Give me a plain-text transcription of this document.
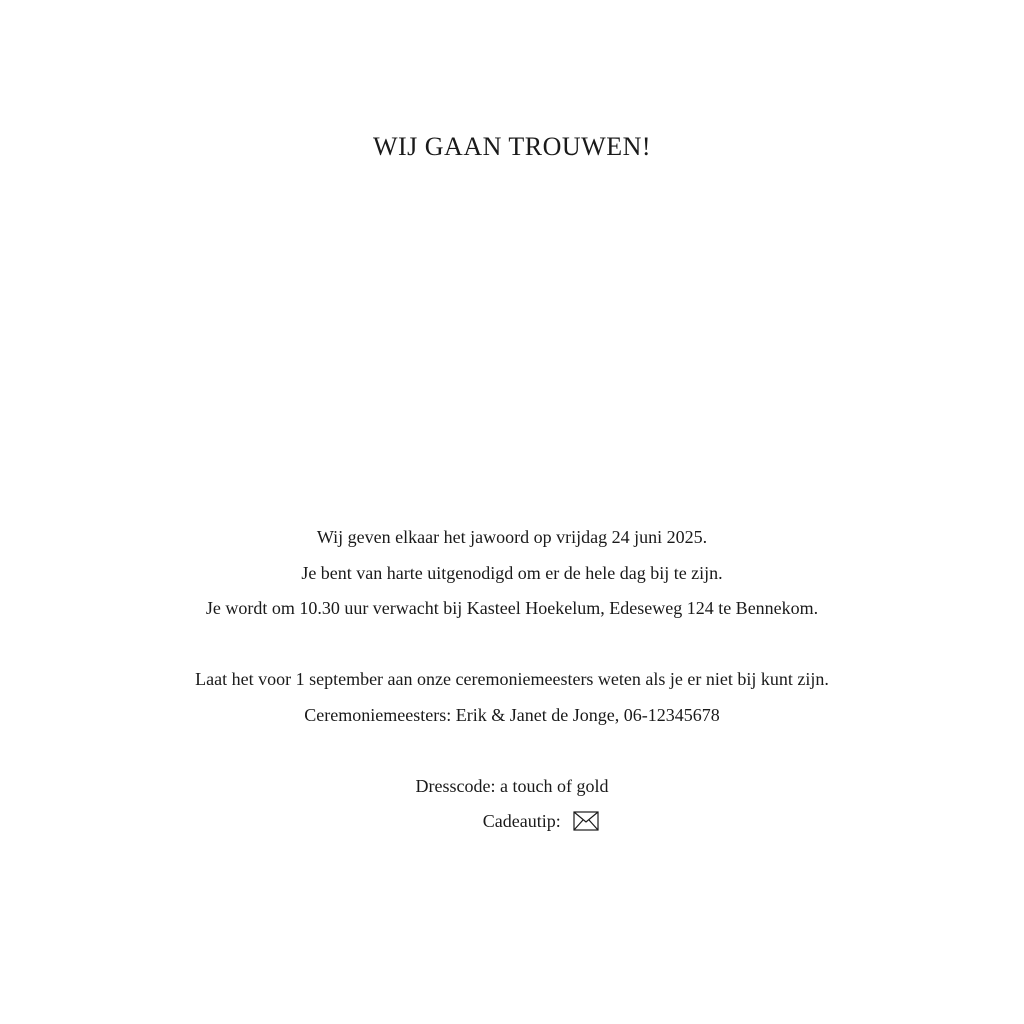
WIJ GAAN TROUWEN!
Wij geven elkaar het jawoord op vrijdag 24 juni 2025.
Je bent van harte uitgenodigd om er de hele dag bij te zijn.
Je wordt om 10.30 uur verwacht bij Kasteel Hoekelum, Edeseweg 124 te Bennekom.
Laat het voor 1 september aan onze ceremoniemeesters weten als je er niet bij kunt zijn.
Ceremoniemeesters: Erik & Janet de Jonge, 06-12345678
Dresscode: a touch of gold
Cadeautip:
